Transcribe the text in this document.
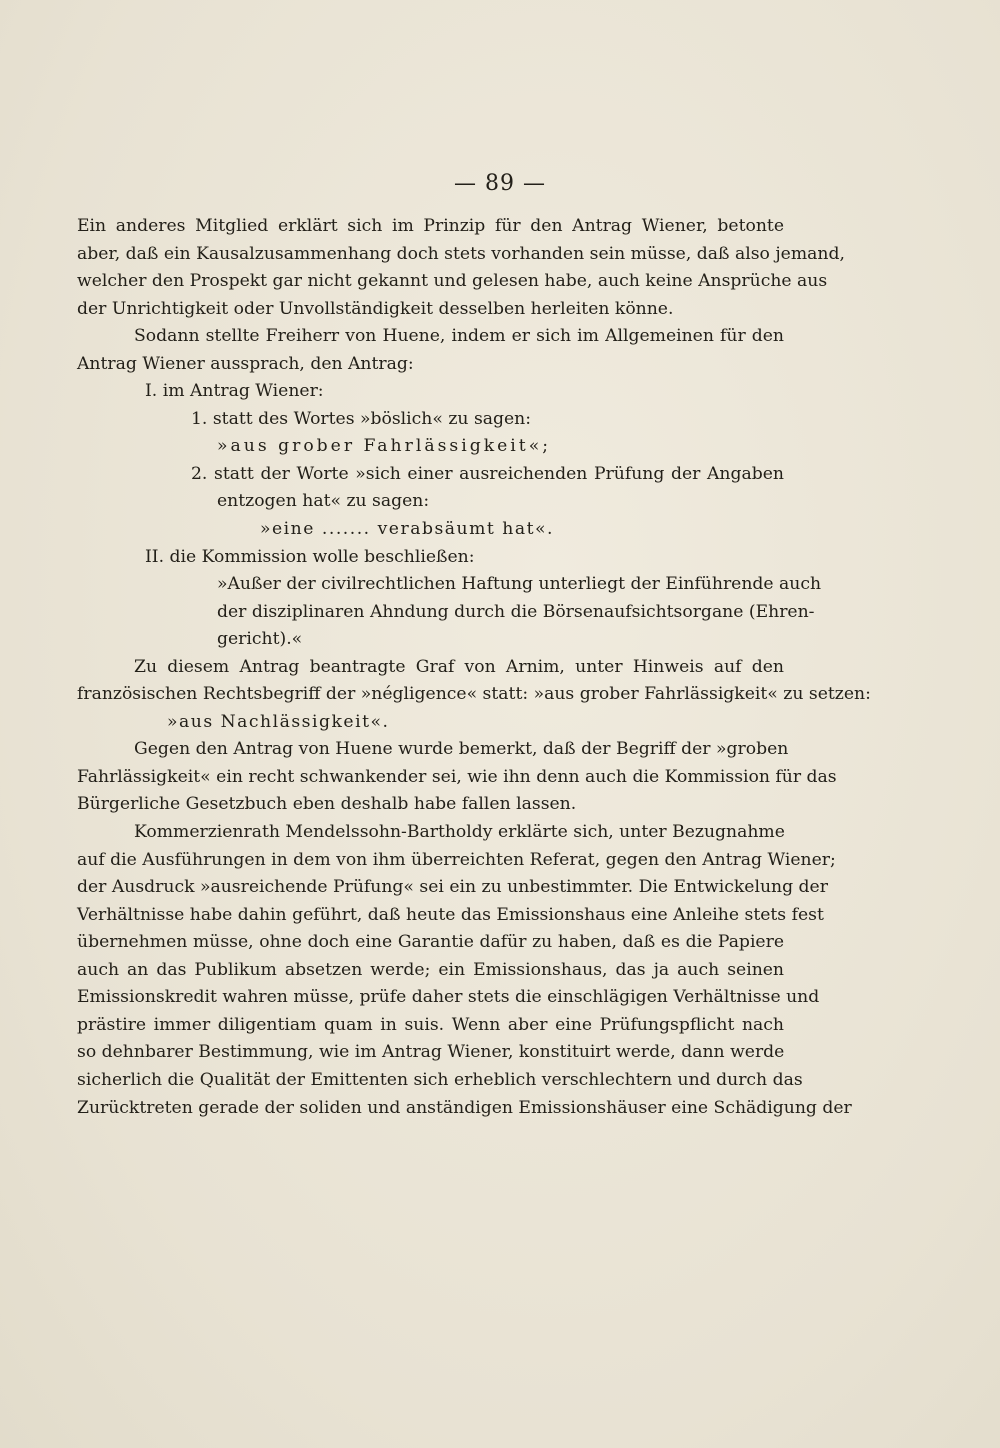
— 89 —
Ein anderes Mitglied erklärt sich im Prinzip für den Antrag Wiener, betonte
aber, daß ein Kausalzusammenhang doch stets vorhanden sein müsse, daß also jemand,
welcher den Prospekt gar nicht gekannt und gelesen habe, auch keine Ansprüche aus
der Unrichtigkeit oder Unvollständigkeit desselben herleiten könne.
Sodann stellte Freiherr von Huene, indem er sich im Allgemeinen für den
Antrag Wiener aussprach, den Antrag:
I. im Antrag Wiener:
1. statt des Wortes »böslich« zu sagen:
»aus grober Fahrlässigkeit«;
2. statt der Worte »sich einer ausreichenden Prüfung der Angaben
entzogen hat« zu sagen:
»eine ....... verabsäumt hat«.
II. die Kommission wolle beschließen:
»Außer der civilrechtlichen Haftung unterliegt der Einführende auch
der disziplinaren Ahndung durch die Börsenaufsichtsorgane (Ehren-
gericht).«
Zu diesem Antrag beantragte Graf von Arnim, unter Hinweis auf den
französischen Rechtsbegriff der »négligence« statt: »aus grober Fahrlässigkeit« zu setzen:
»aus Nachlässigkeit«.
Gegen den Antrag von Huene wurde bemerkt, daß der Begriff der »groben
Fahrlässigkeit« ein recht schwankender sei, wie ihn denn auch die Kommission für das
Bürgerliche Gesetzbuch eben deshalb habe fallen lassen.
Kommerzienrath Mendelssohn-Bartholdy erklärte sich, unter Bezugnahme
auf die Ausführungen in dem von ihm überreichten Referat, gegen den Antrag Wiener;
der Ausdruck »ausreichende Prüfung« sei ein zu unbestimmter. Die Entwickelung der
Verhältnisse habe dahin geführt, daß heute das Emissionshaus eine Anleihe stets fest
übernehmen müsse, ohne doch eine Garantie dafür zu haben, daß es die Papiere
auch an das Publikum absetzen werde; ein Emissionshaus, das ja auch seinen
Emissionskredit wahren müsse, prüfe daher stets die einschlägigen Verhältnisse und
prästire immer diligentiam quam in suis. Wenn aber eine Prüfungspflicht nach
so dehnbarer Bestimmung, wie im Antrag Wiener, konstituirt werde, dann werde
sicherlich die Qualität der Emittenten sich erheblich verschlechtern und durch das
Zurücktreten gerade der soliden und anständigen Emissionshäuser eine Schädigung der
